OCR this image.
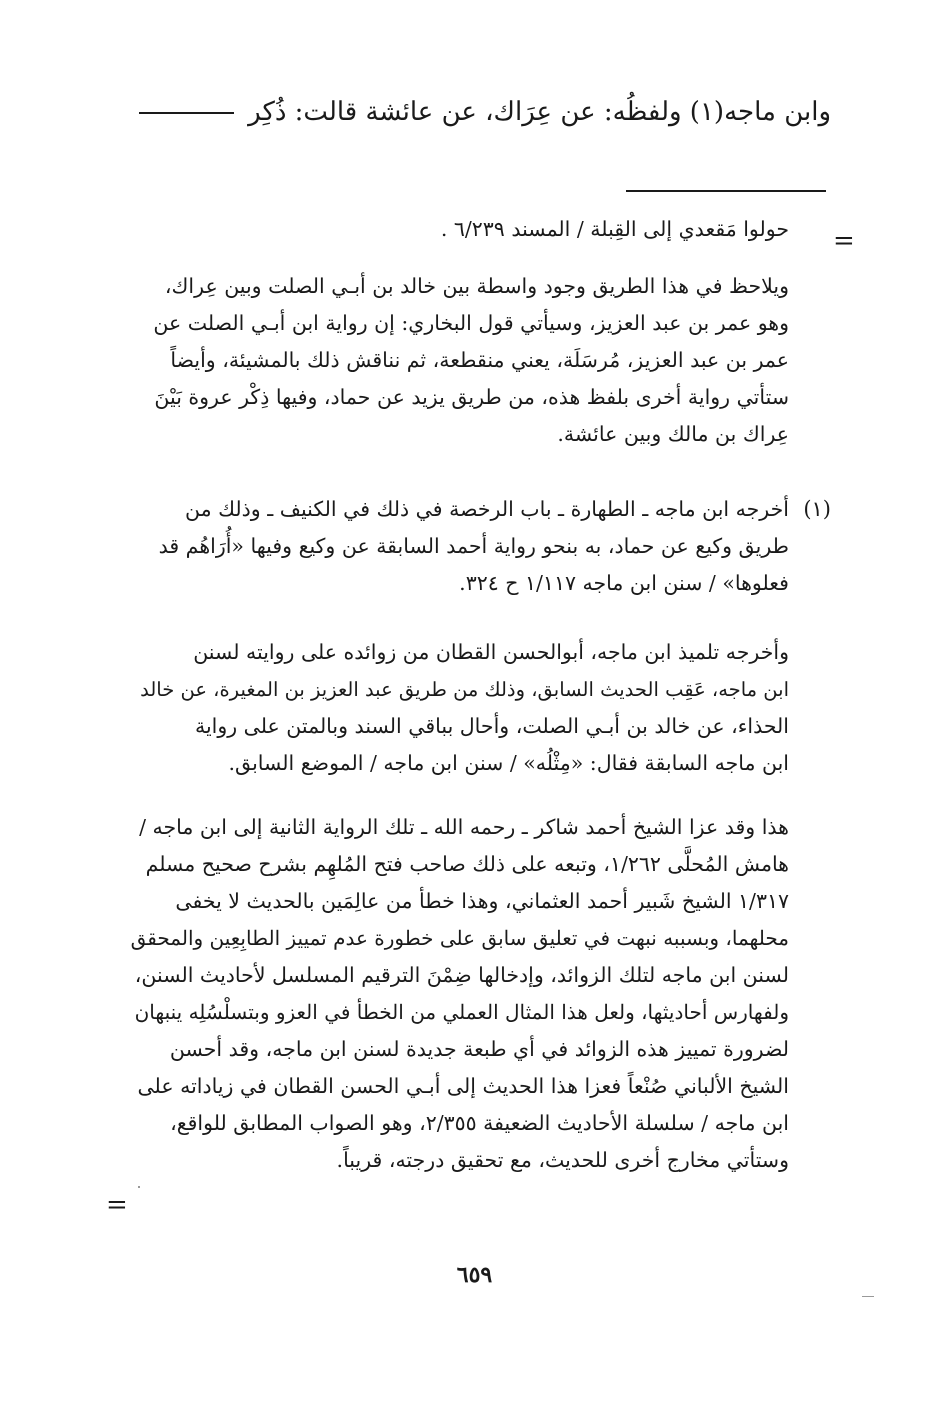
وابن ماجه(١) ولفظُه: عن عِرَاك، عن عائشة قالت: ذُكِر
=
حولوا مَقعدي إلى القِبلة / المسند ٦/٢٣٩ .
ويلاحظ في هذا الطريق وجود واسطة بين خالد بن أبـي الصلت وبين عِراك،
وهو عمر بن عبد العزيز، وسيأتي قول البخاري: إن رواية ابن أبـي الصلت عن
عمر بن عبد العزيز، مُرسَلَة، يعني منقطعة، ثم نناقش ذلك بالمشيئة، وأيضاً
ستأتي رواية أخرى بلفظ هذه، من طريق يزيد عن حماد، وفيها ذِكْر عروة بَيْنَ
عِراك بن مالك وبين عائشة.
(١)
أخرجه ابن ماجه ـ الطهارة ـ باب الرخصة في ذلك في الكنيف ـ وذلك من
طريق وكيع عن حماد، به بنحو رواية أحمد السابقة عن وكيع وفيها «أُرَاهُم قد
فعلوها» / سنن ابن ماجه ١/١١٧ ح ٣٢٤.
وأخرجه تلميذ ابن ماجه، أبوالحسن القطان من زوائده على روايته لسنن
ابن ماجه، عَقِب الحديث السابق، وذلك من طريق عبد العزيز بن المغيرة، عن خالد
الحذاء، عن خالد بن أبـي الصلت، وأحال بباقي السند وبالمتن على رواية
ابن ماجه السابقة فقال: «مِثْلُه» / سنن ابن ماجه / الموضع السابق.
هذا وقد عزا الشيخ أحمد شاكر ـ رحمه الله ـ تلك الرواية الثانية إلى ابن ماجه /
هامش المُحلَّى ١/٢٦٢، وتبعه على ذلك صاحب فتح المُلهِم بشرح صحيح مسلم
١/٣١٧ الشيخ شَبير أحمد العثماني، وهذا خطأ من عالِمَين بالحديث لا يخفى
محلهما، وبسببه نبهت في تعليق سابق على خطورة عدم تمييز الطابِعِين والمحقق
لسنن ابن ماجه لتلك الزوائد، وإدخالها ضِمْنَ الترقيم المسلسل لأحاديث السنن،
ولفهارس أحاديثها، ولعل هذا المثال العملي من الخطأ في العزو وبتسلْسُلِه ينبهان
لضرورة تمييز هذه الزوائد في أي طبعة جديدة لسنن ابن ماجه، وقد أحسن
الشيخ الألباني صُنْعاً فعزا هذا الحديث إلى أبـي الحسن القطان في زياداته على
ابن ماجه / سلسلة الأحاديث الضعيفة ٢/٣٥٥، وهو الصواب المطابق للواقع،
وستأتي مخارج أخرى للحديث، مع تحقيق درجته، قريباً.
=
٦٥٩
